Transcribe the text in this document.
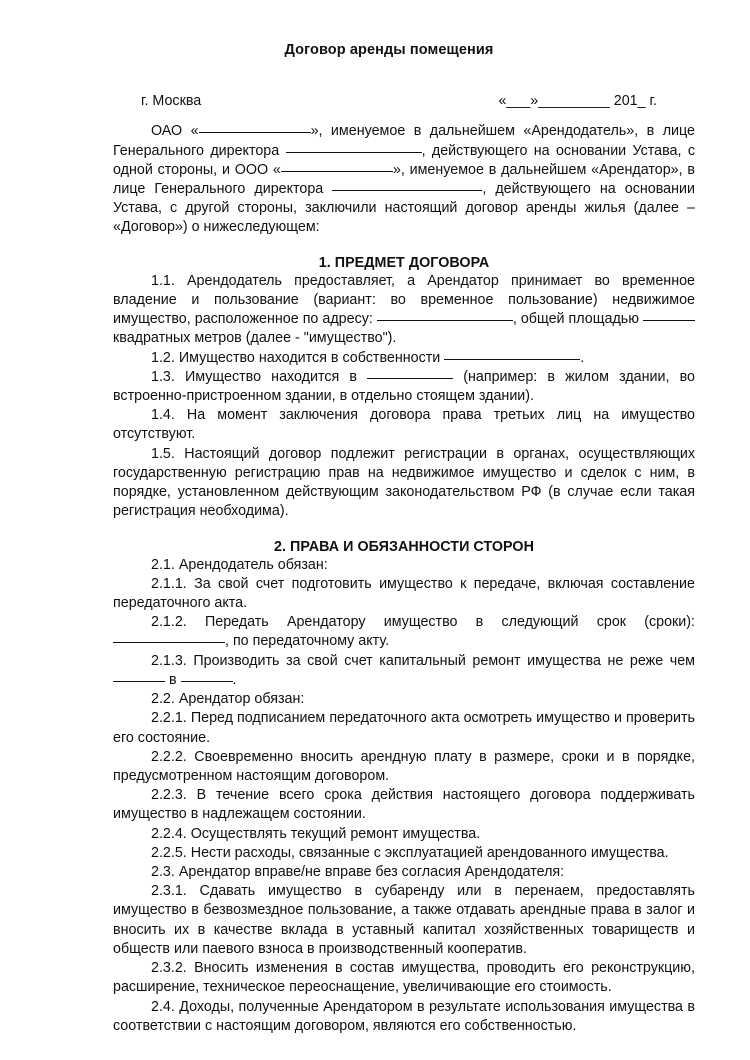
Договор аренды помещения
г. Москва	«___»_________ 201_ г.

ОАО «	», именуемое в дальнейшем «Арендодатель», в лице Генерального директора	, действующего на основании Устава, с одной стороны, и ООО «	», именуемое в дальнейшем «Арендатор», в лице Генерального директора	, действующего на основании Устава, с другой стороны, заключили настоящий договор аренды жилья (далее – «Договор») о нижеследующем:

1. ПРЕДМЕТ ДОГОВОРА

1.1. Арендодатель предоставляет, а Арендатор принимает во временное владение и пользование (вариант: во временное пользование) недвижимое имущество, расположенное по адресу:	, общей площадью  квадратных метров (далее - "имущество").

1.2. Имущество находится в собственности	.

1.3. Имущество находится в	(например: в жилом здании, во встроенно-пристроенном здании, в отдельно стоящем здании).

1.4. На момент заключения договора права третьих лиц на имущество отсутствуют.

1.5. Настоящий договор подлежит регистрации в органах, осуществляющих государственную регистрацию прав на недвижимое имущество и сделок с ним, в порядке, установленном действующим законодательством РФ (в случае если такая регистрация необходима).

2. ПРАВА И ОБЯЗАННОСТИ СТОРОН

2.1. Арендодатель обязан:

2.1.1. За свой счет подготовить имущество к передаче, включая составление передаточного акта.

2.1.2. Передать Арендатору имущество в следующий срок (сроки): , по передаточному акту.

2.1.3. Производить за свой счет капитальный ремонт имущества не реже чем  в	.

2.2. Арендатор обязан:

2.2.1. Перед подписанием передаточного акта осмотреть имущество и проверить его состояние.

2.2.2. Своевременно вносить арендную плату в размере, сроки и в порядке, предусмотренном настоящим договором.

2.2.3. В течение всего срока действия настоящего договора поддерживать имущество в надлежащем состоянии.

2.2.4. Осуществлять текущий ремонт имущества.

2.2.5. Нести расходы, связанные с эксплуатацией арендованного имущества.

2.3. Арендатор вправе/не вправе без согласия Арендодателя:

2.3.1. Сдавать имущество в субаренду или в перенаем, предоставлять имущество в безвозмездное пользование, а также отдавать арендные права в залог и вносить их в качестве вклада в уставный капитал хозяйственных товариществ и обществ или паевого взноса в производственный кооператив.

2.3.2. Вносить изменения в состав имущества, проводить его реконструкцию, расширение, техническое переоснащение, увеличивающие его стоимость.

2.4. Доходы, полученные Арендатором в результате использования имущества в соответствии с настоящим договором, являются его собственностью.
